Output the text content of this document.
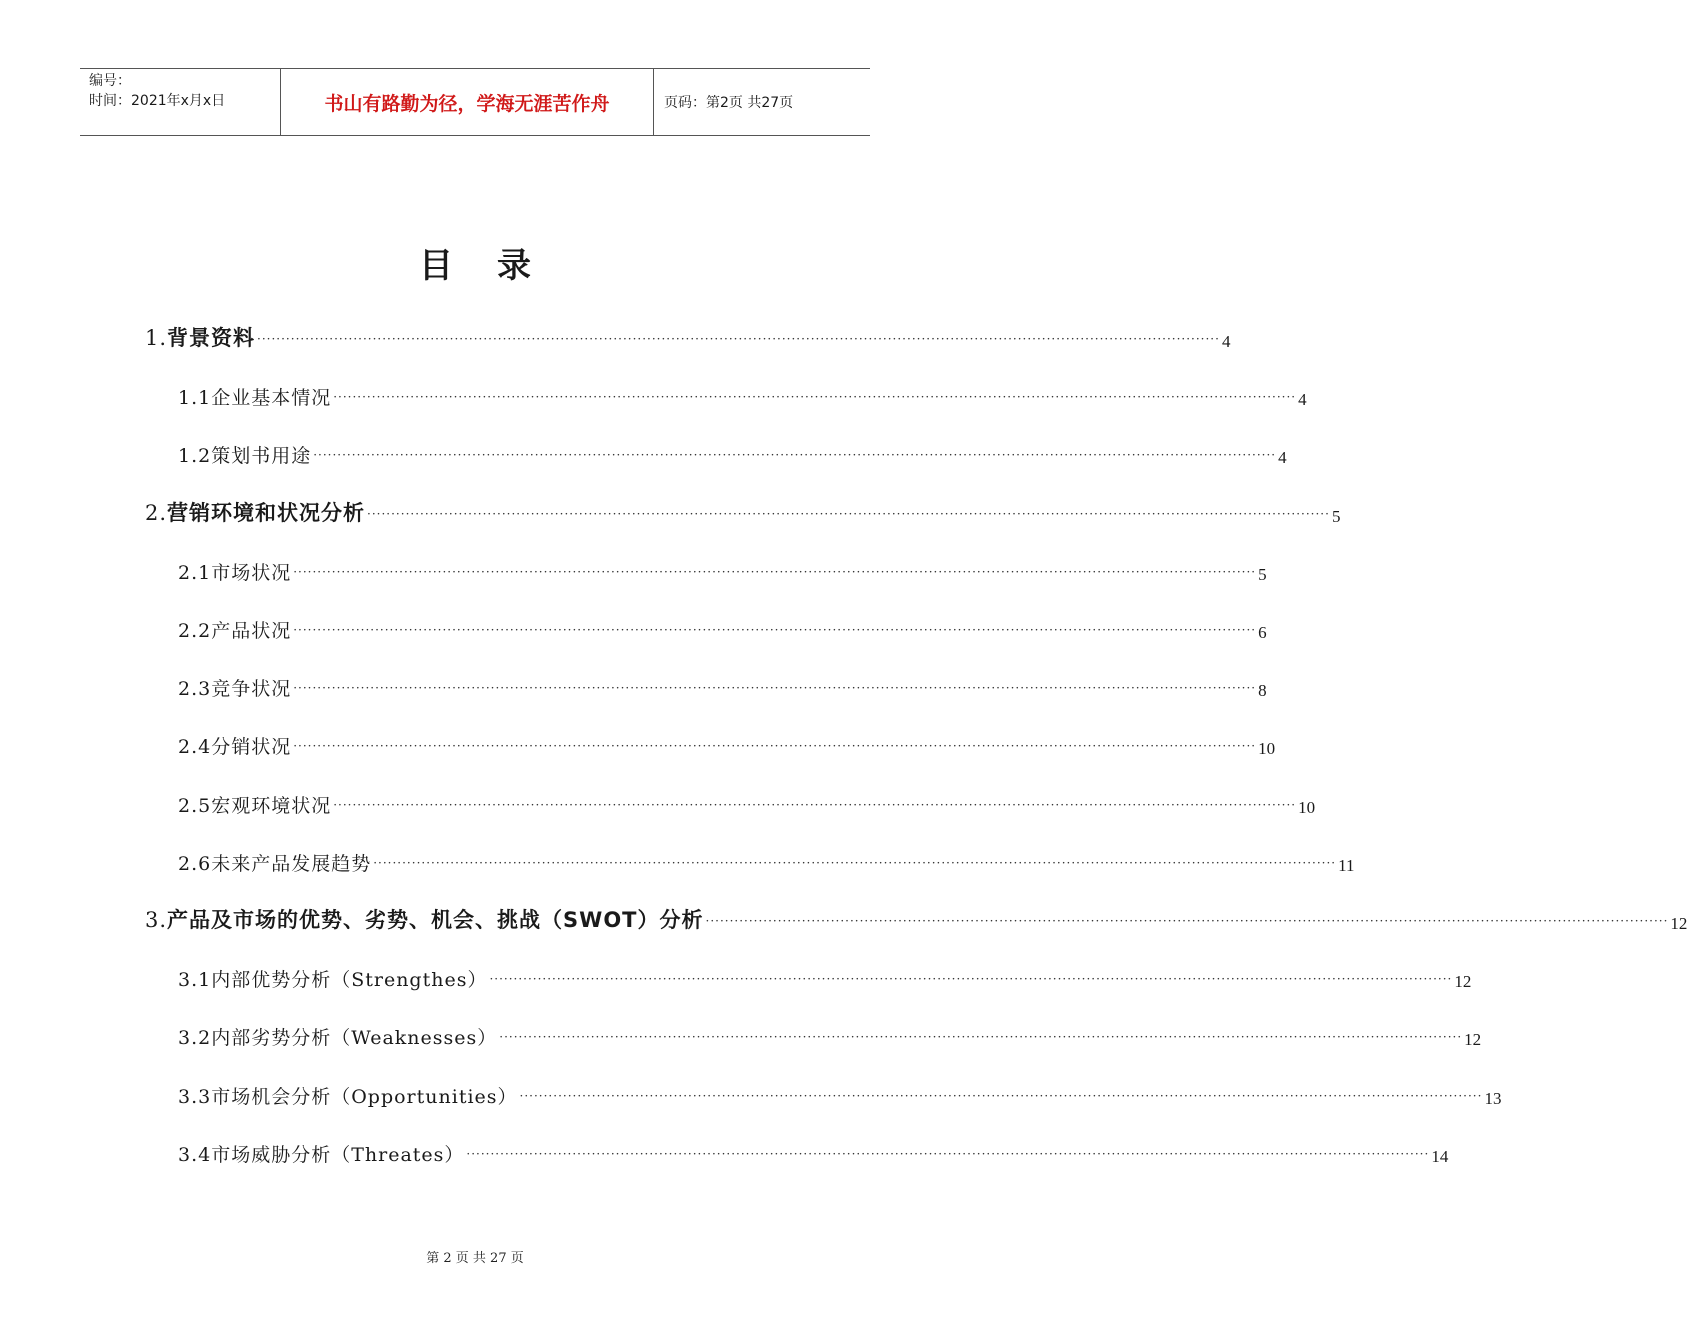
编号：
时间：2021年x月x日	书山有路勤为径，学海无涯苦作舟	页码：第2页 共27页
目录
1.背景资料 ········································································································································································································ 4
1.1企业基本情况 ········································································································································································································ 4
1.2策划书用途 ········································································································································································································ 4
2.营销环境和状况分析 ········································································································································································································ 5
2.1市场状况 ········································································································································································································ 5
2.2产品状况 ········································································································································································································ 6
2.3竞争状况 ········································································································································································································ 8
2.4分销状况 ········································································································································································································ 10
2.5宏观环境状况 ········································································································································································································ 10
2.6未来产品发展趋势 ········································································································································································································ 11
3.产品及市场的优势、劣势、机会、挑战（SWOT）分析 ········································································································································································································ 12
3.1内部优势分析（Strengthes） ········································································································································································································ 12
3.2内部劣势分析（Weaknesses） ········································································································································································································ 12
3.3市场机会分析（Opportunities） ········································································································································································································ 13
3.4市场威胁分析（Threates） ········································································································································································································ 14
第 2 页 共 27 页
